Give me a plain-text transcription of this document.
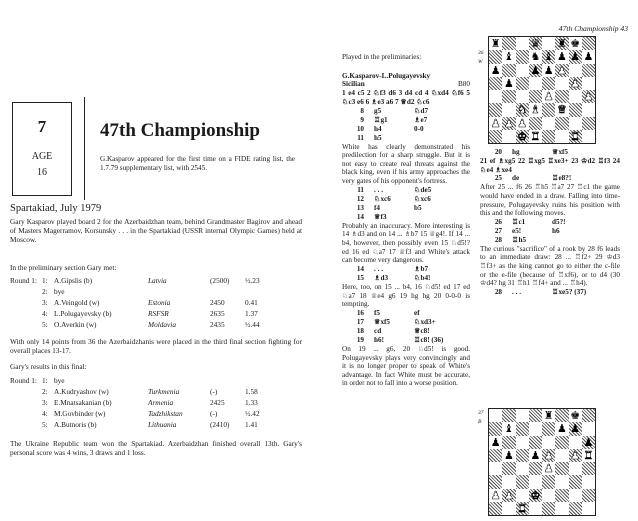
7
AGE
16
47th Championship
G.Kasparov appeared for the first time on a FIDE rating list, the 1.7.79 supplementary list, with 2545.
Spartakiad, July 1979
Gary Kasparov played board 2 for the Azerbaidzhan team, behind Grandmaster Bagirov and ahead of Masters Magerramov, Korsunsky . . . in the Spartakiad (USSR internal Olympic Games) held at Moscow.
In the preliminary section Gary met:
Round 1: 1: A.Gipslis (b)	Latvia	(2500) ½.23
2: bye
3: A.Veingold (w)	Estonia	2450	0.41
4: L.Polugayevsky (b)	RSFSR	2635	1.37
5: O.Averkin (w)	Moldavia	2435	½.44
With only 14 points from 36 the Azerbaidzhanis were placed in the third final section fighting for overall places 13-17.
Gary's results in this final:
Round 1: 1: bye
2: A.Kudryashov (w)	Turkmenia	(-)	1.58
3: E.Mnatsakanian (b)	Armenia	2425	1.33
4: M.Govbinder (w)	Tadzhikstan	(-)	½.42
5: A.Butnoris (b)	Lithuania	(2410) 1.41
The Ukraine Republic team won the Spartakiad. Azerbaidzhan finished overall 13th. Gary's personal score was 4 wins, 3 draws and 1 loss.
47th Championship 43
Played in the preliminaries:
G.Kasparov-L.Polugayevsky
Sicilian	B80
1 e4 c5 2 ♘f3 d6 3 d4 cd 4 ♘xd4 ♘f6 5 ♘c3 e6 6 ♗e3 a6 7 ♕d2 ♘c6
8 g5	♘d7
9 ♖g1	♗e7
10 h4	0-0
11 h5
White has clearly demonstrated his predilection for a sharp struggle. But it is not easy to create real threats against the black king, even if his army approaches the very gates of his opponent's fortress.
11 . . .	♘de5
12 ♘xc6	♘xc6
13 f4	b5
14 ♕f3
Probably an inaccuracy. More interesting is 14 ♗d3 and on 14 ... ♗b7 15 ♕g4!. If 14 ... b4, however, then possibly even 15 ♘d5!? ed 16 ed ♘a7 17 ♕f3 and White's attack can become very dangerous.
14 . . .	♗b7
15 ♗d3	♘b4!
Here, too, on 15 ... b4, 16 ♘d5! ed 17 ed ♘a7 18 ♕e4 g6 19 hg hg 20 0-0-0 is tempting.
16 f5	ef
17 ♕xf5	♘xd3+
18 cd	♕c8!
19 h6!	♖c8! (36)
On 19 ... g6, 20 ♘d5! is good. Polugayevsky plays very convincingly and it is no longer proper to speak of White's advantage. In fact White must be accurate, in order not to fall into a worse position.
36
W
♜	♛ ♜ ♚
♝ ♞ ♝ ♟ ♟ ♟
♟	♟ ♟ ♟
♟	♟
♟	♟
♞ ♝ ♛
♟ ♟ ♟
♚ ♜	♜
20 hg	♕xf5
21 ef ♗xg5 22 ♖xg5 ♖xe3+ 23 ♔d2 ♖f3 24 ♘e4 ♗xe4
25 de	♖e8?!
After 25 ... f6 26 ♖h5 ♖a7 27 ♖c1 the game would have ended in a draw. Falling into time-pressure, Polugayevsky ruins his position with this and the following moves.
26 ♖c1	d5?!
27 e5!	h6
28 ♖h5
The curious "sacrifice" of a rook by 28 f6 leads to an immediate draw: 28 ... ♖f2+ 29 ♔d3 ♖f3+ as the king cannot go to either the c-file or the e-file (because of ♖xf6), or to d4 (30 ♔d4? hg 31 ♖h1 ♖f4+ and ... ♖h4).
28 . . .	♖xe5? (37)
37
B	♜ ♚
♝	♟ ♟
♟	♟
♟ ♟ ♟ ♟ ♜
♟
♟ ♟ ♚
♜
